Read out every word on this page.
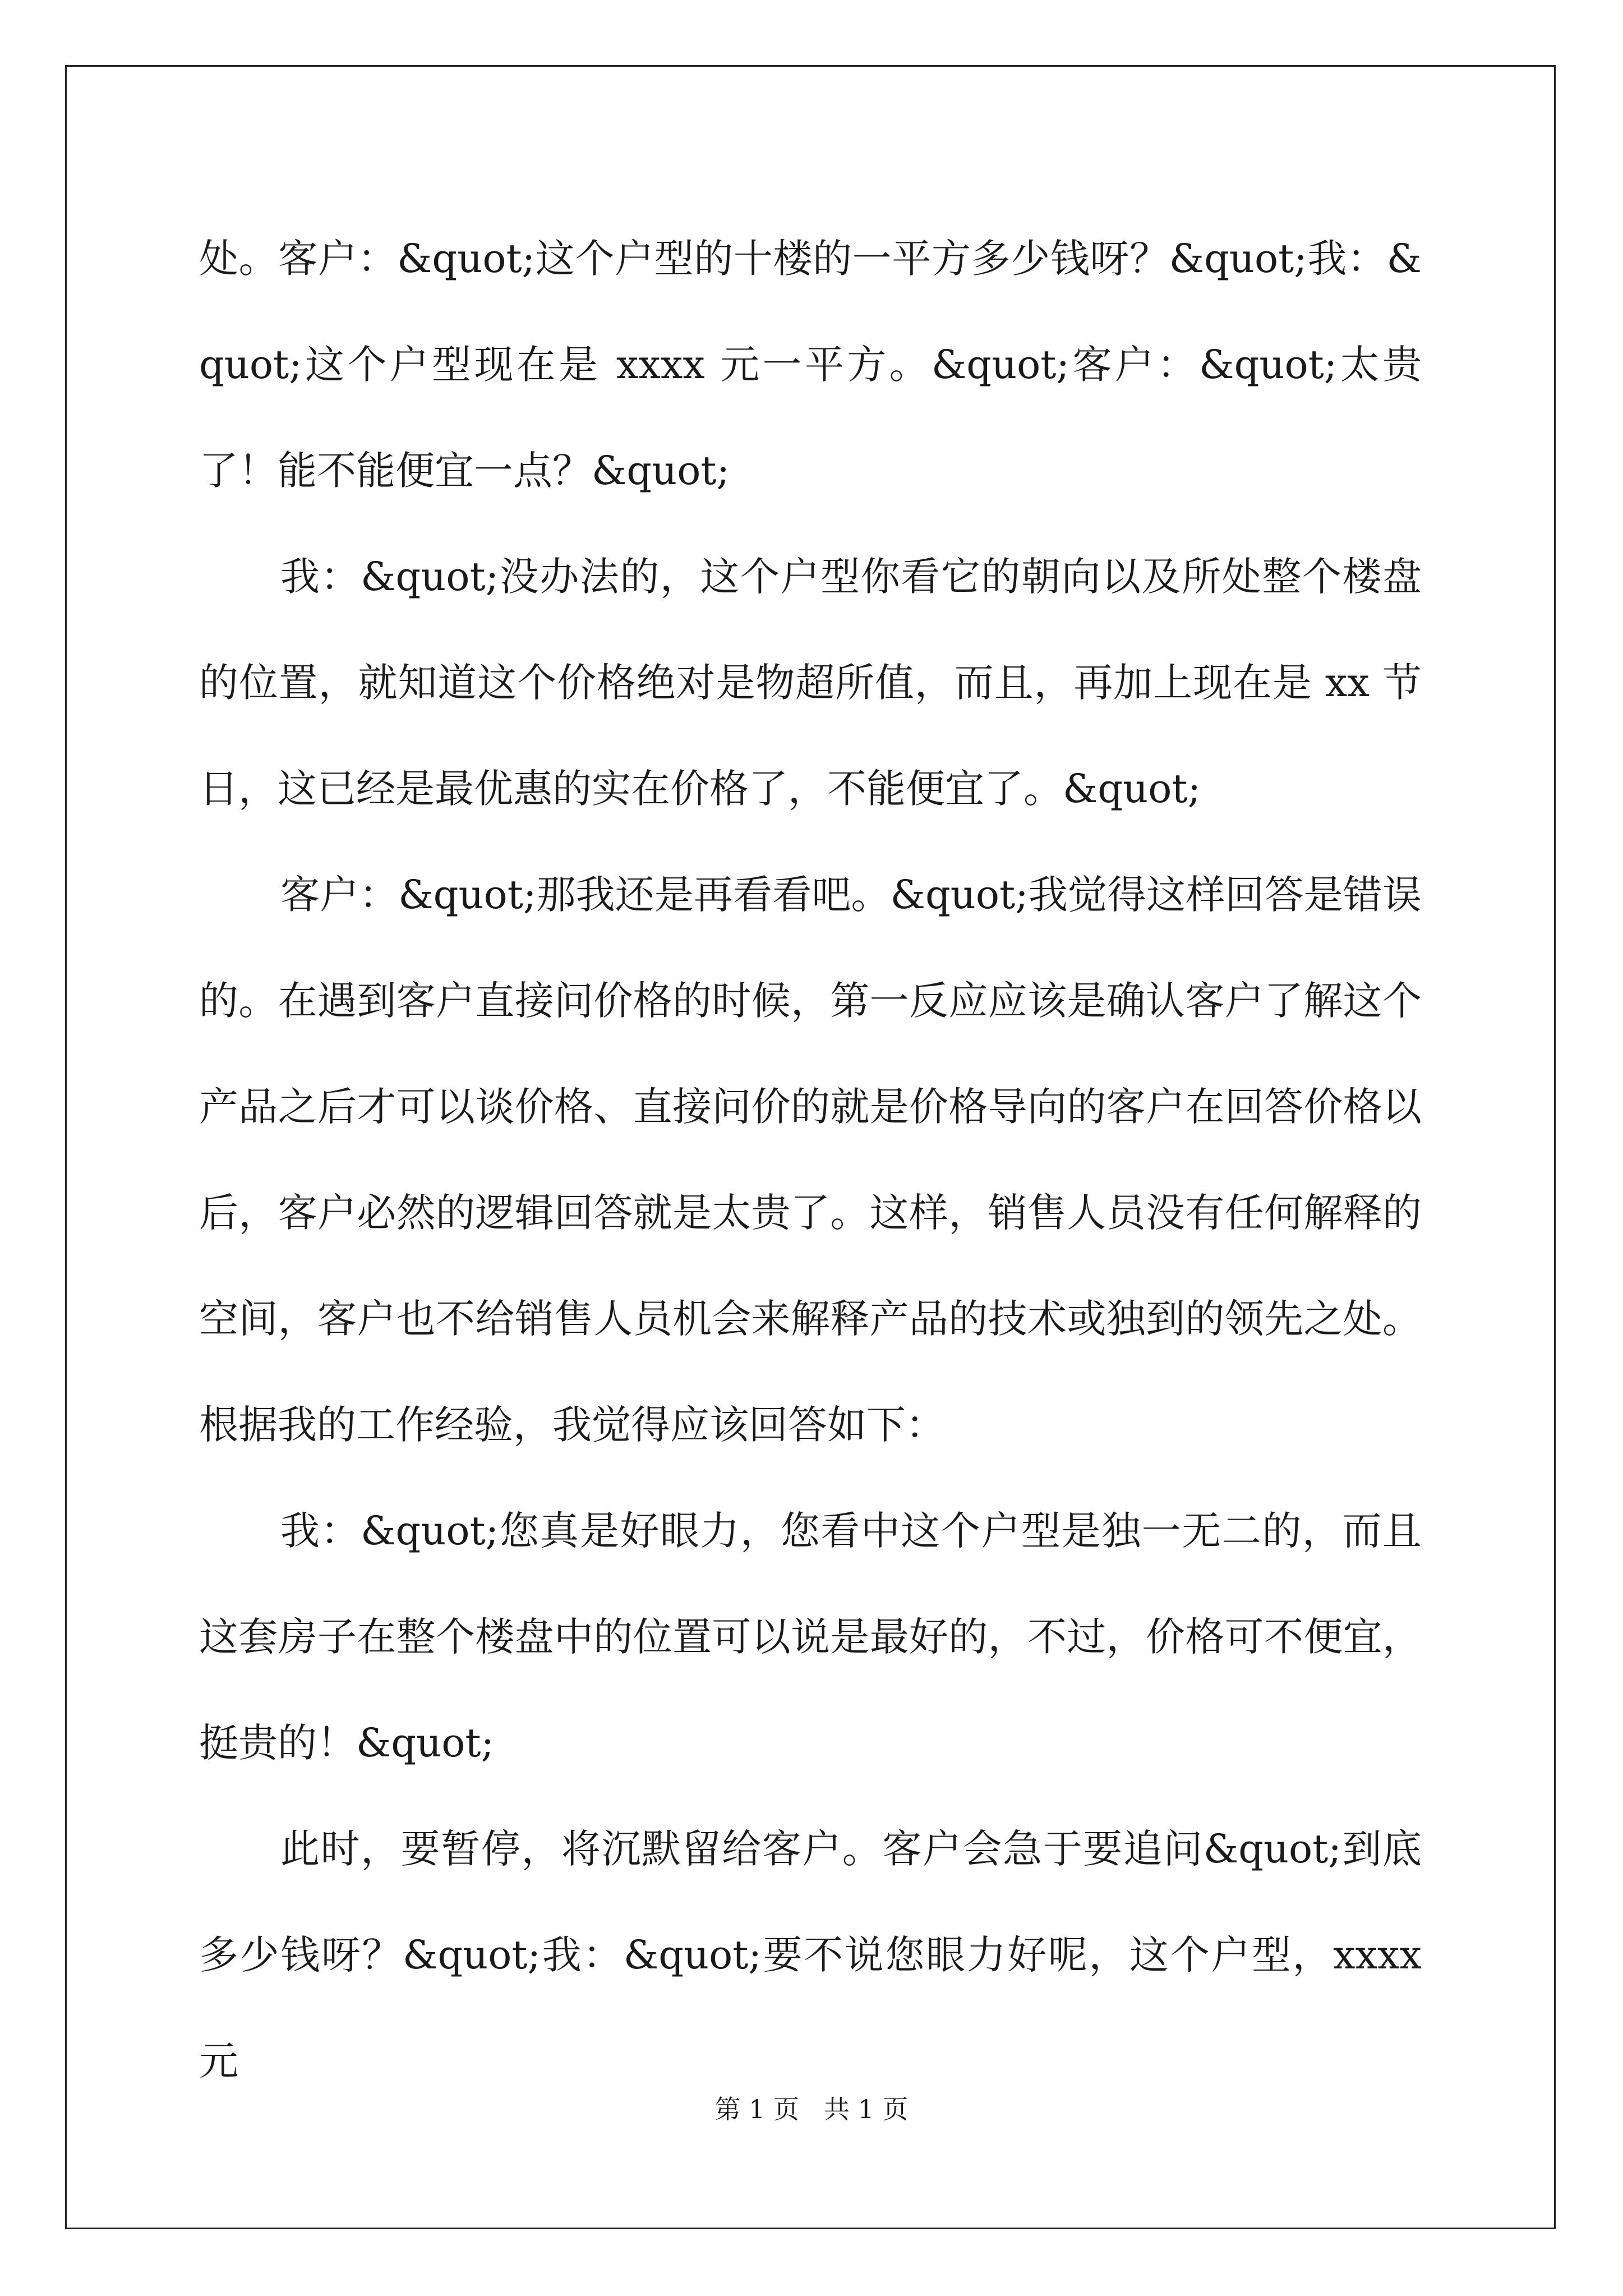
处。客户：&quot;这个户型的十楼的一平方多少钱呀？&quot;我：&quot;这个户型现在是 xxxx 元一平方。&quot;客户：&quot;太贵了！能不能便宜一点？&quot;

我：&quot;没办法的，这个户型你看它的朝向以及所处整个楼盘的位置，就知道这个价格绝对是物超所值，而且，再加上现在是 xx 节日，这已经是最优惠的实在价格了，不能便宜了。&quot;

客户：&quot;那我还是再看看吧。&quot;我觉得这样回答是错误的。在遇到客户直接问价格的时候，第一反应应该是确认客户了解这个产品之后才可以谈价格、直接问价的就是价格导向的客户在回答价格以后，客户必然的逻辑回答就是太贵了。这样，销售人员没有任何解释的空间，客户也不给销售人员机会来解释产品的技术或独到的领先之处。根据我的工作经验，我觉得应该回答如下：

我：&quot;您真是好眼力，您看中这个户型是独一无二的，而且这套房子在整个楼盘中的位置可以说是最好的，不过，价格可不便宜，挺贵的！&quot;

此时，要暂停，将沉默留给客户。客户会急于要追问&quot;到底多少钱呀？&quot;我：&quot;要不说您眼力好呢，这个户型，xxxx 元

第 1 页   共 1 页
